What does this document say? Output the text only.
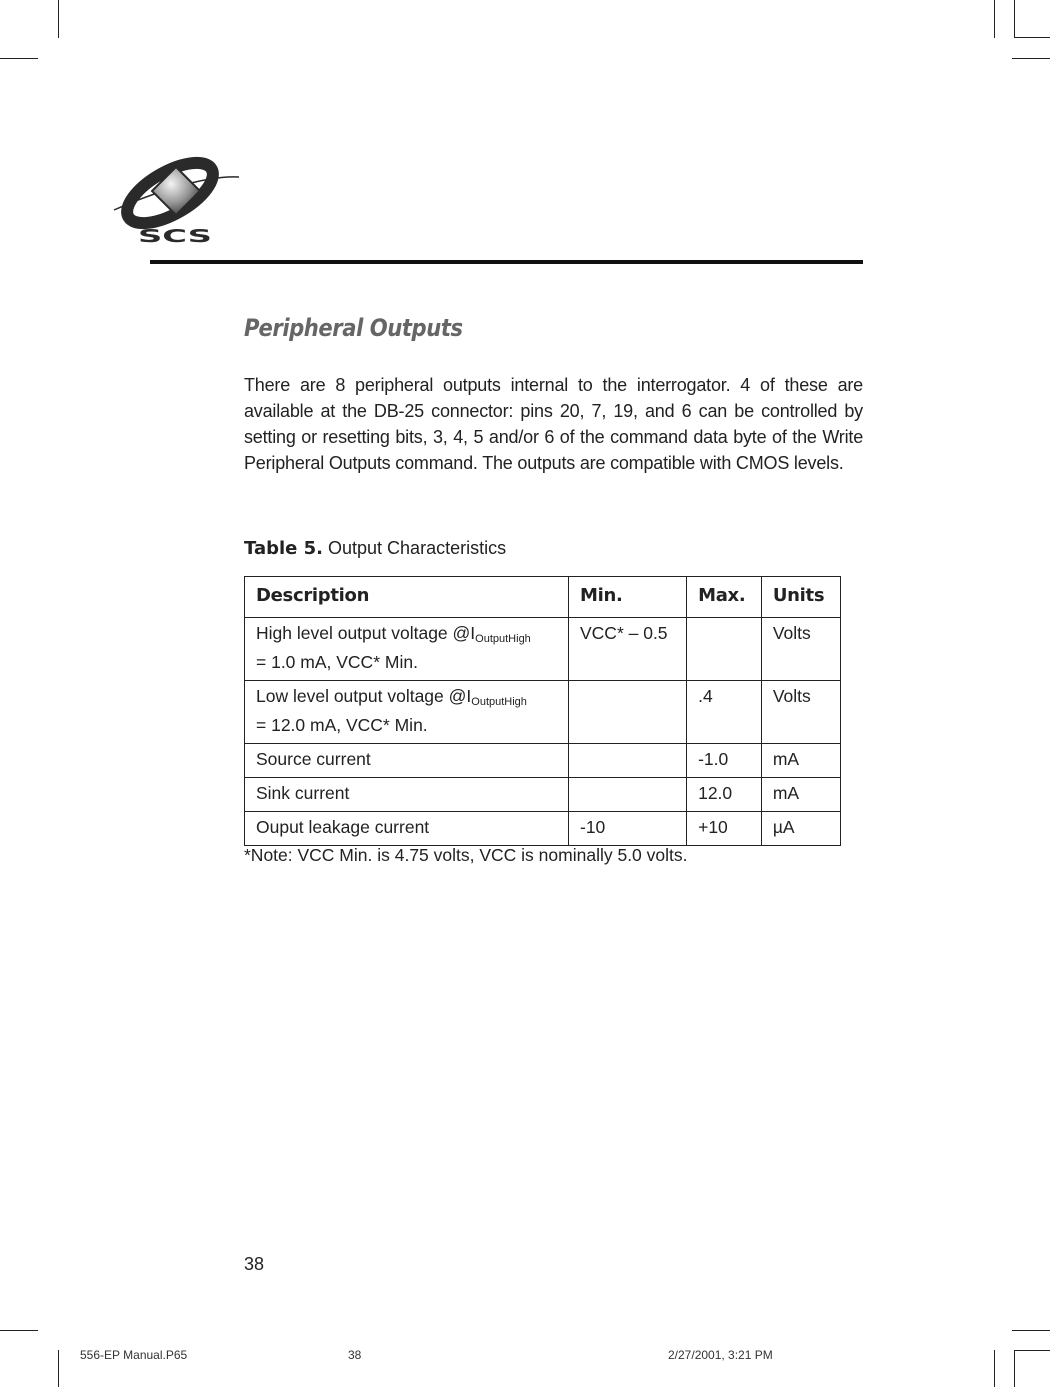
SCS
Peripheral Outputs

There are 8 peripheral outputs internal to the interrogator. 4 of these are available at the DB-25 connector: pins 20, 7, 19, and 6 can be controlled by setting or resetting bits, 3, 4, 5 and/or 6 of the command data byte of the Write Peripheral Outputs command. The outputs are compatible with CMOS levels.

Table 5. Output Characteristics

Description	Min.	Max.	Units
High level output voltage $@I_{OutputHigh}$
= 1.0 mA, VCC* Min.	VCC* – 0.5		Volts
Low level output voltage $@I_{OutputHigh}$
= 12.0 mA, VCC* Min.		.4	Volts
Source current		-1.0	mA
Sink current		12.0	mA
Ouput leakage current	-10	+10	µA

*Note: VCC Min. is 4.75 volts, VCC is nominally 5.0 volts.

38

556-EP Manual.P65	38	2/27/2001, 3:21 PM
